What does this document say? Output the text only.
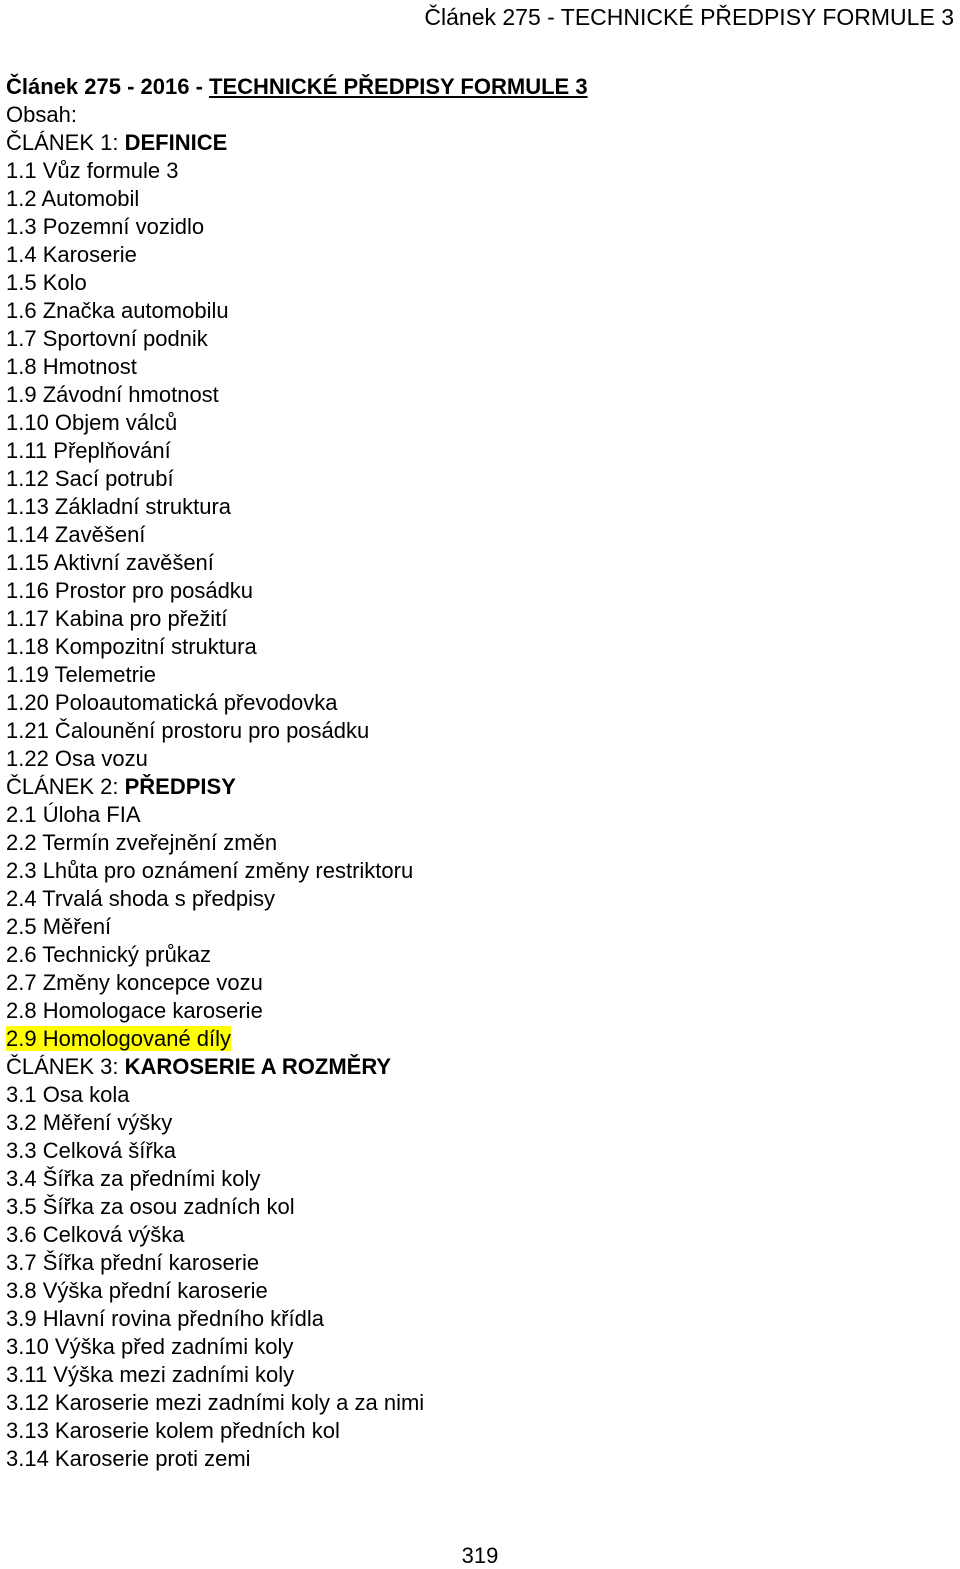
Článek 275 - TECHNICKÉ PŘEDPISY FORMULE 3
Článek 275 - 2016 - TECHNICKÉ PŘEDPISY FORMULE 3
Obsah:
ČLÁNEK 1: DEFINICE
1.1 Vůz formule 3
1.2 Automobil
1.3 Pozemní vozidlo
1.4 Karoserie
1.5 Kolo
1.6 Značka automobilu
1.7 Sportovní podnik
1.8 Hmotnost
1.9 Závodní hmotnost
1.10 Objem válců
1.11 Přeplňování
1.12 Sací potrubí
1.13 Základní struktura
1.14 Zavěšení
1.15 Aktivní zavěšení
1.16 Prostor pro posádku
1.17 Kabina pro přežití
1.18 Kompozitní struktura
1.19 Telemetrie
1.20 Poloautomatická převodovka
1.21 Čalounění prostoru pro posádku
1.22 Osa vozu
ČLÁNEK 2: PŘEDPISY
2.1 Úloha FIA
2.2 Termín zveřejnění změn
2.3 Lhůta pro oznámení změny restriktoru
2.4 Trvalá shoda s předpisy
2.5 Měření
2.6 Technický průkaz
2.7 Změny koncepce vozu
2.8 Homologace karoserie
2.9 Homologované díly
ČLÁNEK 3: KAROSERIE A ROZMĚRY
3.1 Osa kola
3.2 Měření výšky
3.3 Celková šířka
3.4 Šířka za předními koly
3.5 Šířka za osou zadních kol
3.6 Celková výška
3.7 Šířka přední karoserie
3.8 Výška přední karoserie
3.9 Hlavní rovina předního křídla
3.10 Výška před zadními koly
3.11 Výška mezi zadními koly
3.12 Karoserie mezi zadními koly a za nimi
3.13 Karoserie kolem předních kol
3.14 Karoserie proti zemi
319
